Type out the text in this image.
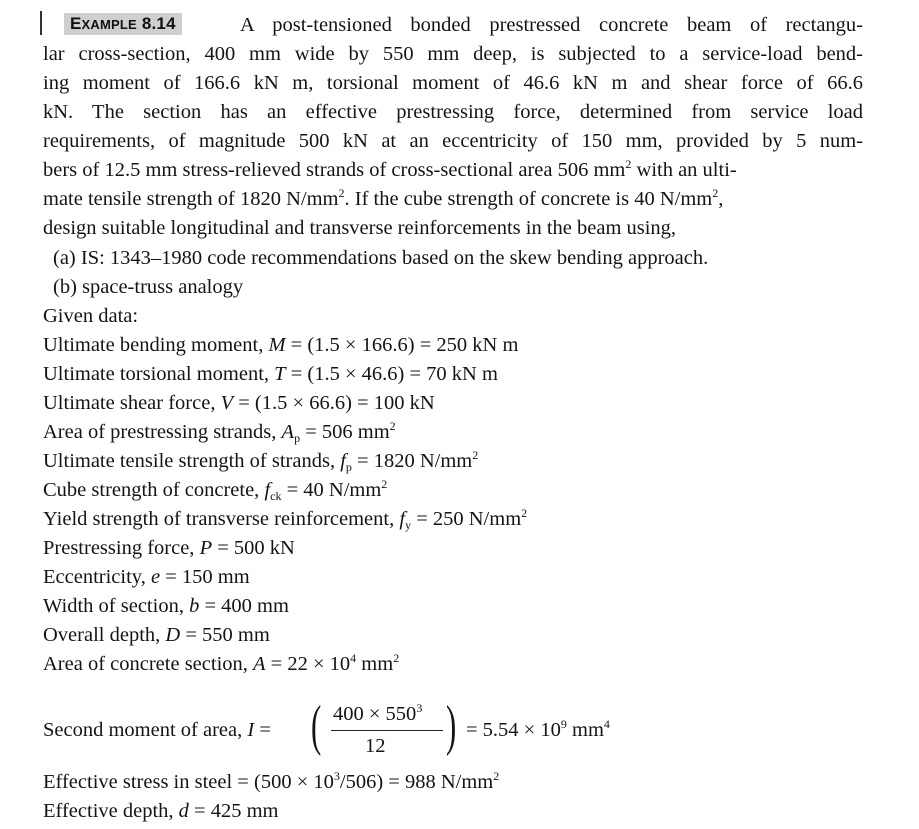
EXAMPLE 8.14	A post-tensioned bonded prestressed concrete beam of rectangu-
lar cross-section, 400 mm wide by 550 mm deep, is subjected to a service-load bend-
ing moment of 166.6 kN m, torsional moment of 46.6 kN m and shear force of 66.6
kN. The section has an effective prestressing force, determined from service load
requirements, of magnitude 500 kN at an eccentricity of 150 mm, provided by 5 num-
bers of 12.5 mm stress-relieved strands of cross-sectional area 506 $mm^2$ with an ulti-
mate tensile strength of 1820 $N/mm^2$. If the cube strength of concrete is 40 $N/mm^2$,
design suitable longitudinal and transverse reinforcements in the beam using,
(a) IS: 1343–1980 code recommendations based on the skew bending approach.
(b) space-truss analogy
Given data:
Ultimate bending moment, M = (1.5 × 166.6) = 250 kN m
Ultimate torsional moment, T = (1.5 × 46.6) = 70 kN m
Ultimate shear force, V = (1.5 × 66.6) = 100 kN
Area of prestressing strands, $A_p = 506$ $mm^2$
Ultimate tensile strength of strands, $f_p = 1820$ $N/mm^2$
Cube strength of concrete, $f_{ck} = 40$ $N/mm^2$
Yield strength of transverse reinforcement, $f_y = 250$ $N/mm^2$
Prestressing force, P = 500 kN
Eccentricity, e = 150 mm
Width of section, b = 400 mm
Overall depth, D = 550 mm
Area of concrete section, $A = 22 \times 10^4$ $mm^2$
Second moment of area, I = ( $400 \times 550^3$
12 ) = $5.54 \times 10^9$ $mm^4$
Effective stress in steel = $(500 \times 10^3/506) = 988$ $N/mm^2$
Effective depth, d = 425 mm
